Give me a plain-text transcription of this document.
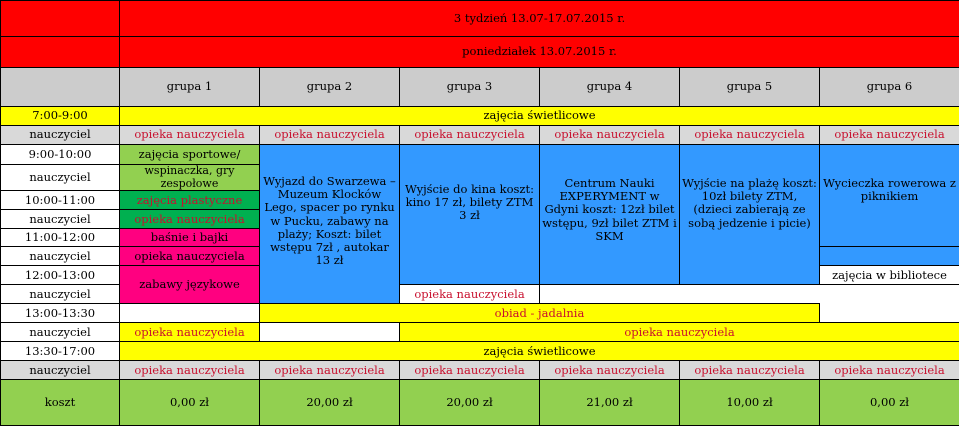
	3 tydzień 13.07-17.07.2015 r.					
	poniedziałek 13.07.2015 r.					
	grupa 1	grupa 2	grupa 3	grupa 4	grupa 5	grupa 6
7:00-9:00	zajęcia świetlicowe					
nauczyciel	opieka nauczyciela	opieka nauczyciela	opieka nauczyciela	opieka nauczyciela	opieka nauczyciela	opieka nauczyciela
9:00-10:00	zajęcia sportowe/	Wyjazd do Swarzewa – Muzeum Klocków Lego, spacer po rynku w Pucku, zabawy na plaży; Koszt: bilet wstępu 7zł , autokar 13 zł	Wyjście do kina koszt: kino 17 zł, bilety ZTM 3 zł	Centrum Nauki EXPERYMENT w Gdyni koszt: 12zł bilet wstępu, 9zł bilet ZTM i SKM	Wyjście na plażę koszt: 10zł bilety ZTM, (dzieci zabierają ze sobą jedzenie i picie)	Wycieczka rowerowa z piknikiem
nauczyciel	wspinaczka, gry zespołowe					
10:00-11:00	zajęcia plastyczne					
nauczyciel	opieka nauczyciela					
11:00-12:00	baśnie i bajki					
nauczyciel	opieka nauczyciela					
12:00-13:00	zabawy językowe					zajęcia w bibliotece
nauczyciel			opieka nauczyciela			
13:00-13:30		obiad - jadalnia				
nauczyciel	opieka nauczyciela		opieka nauczyciela			
13:30-17:00	zajęcia świetlicowe					
nauczyciel	opieka nauczyciela	opieka nauczyciela	opieka nauczyciela	opieka nauczyciela	opieka nauczyciela	opieka nauczyciela
koszt	0,00 zł	20,00 zł	20,00 zł	21,00 zł	10,00 zł	0,00 zł
